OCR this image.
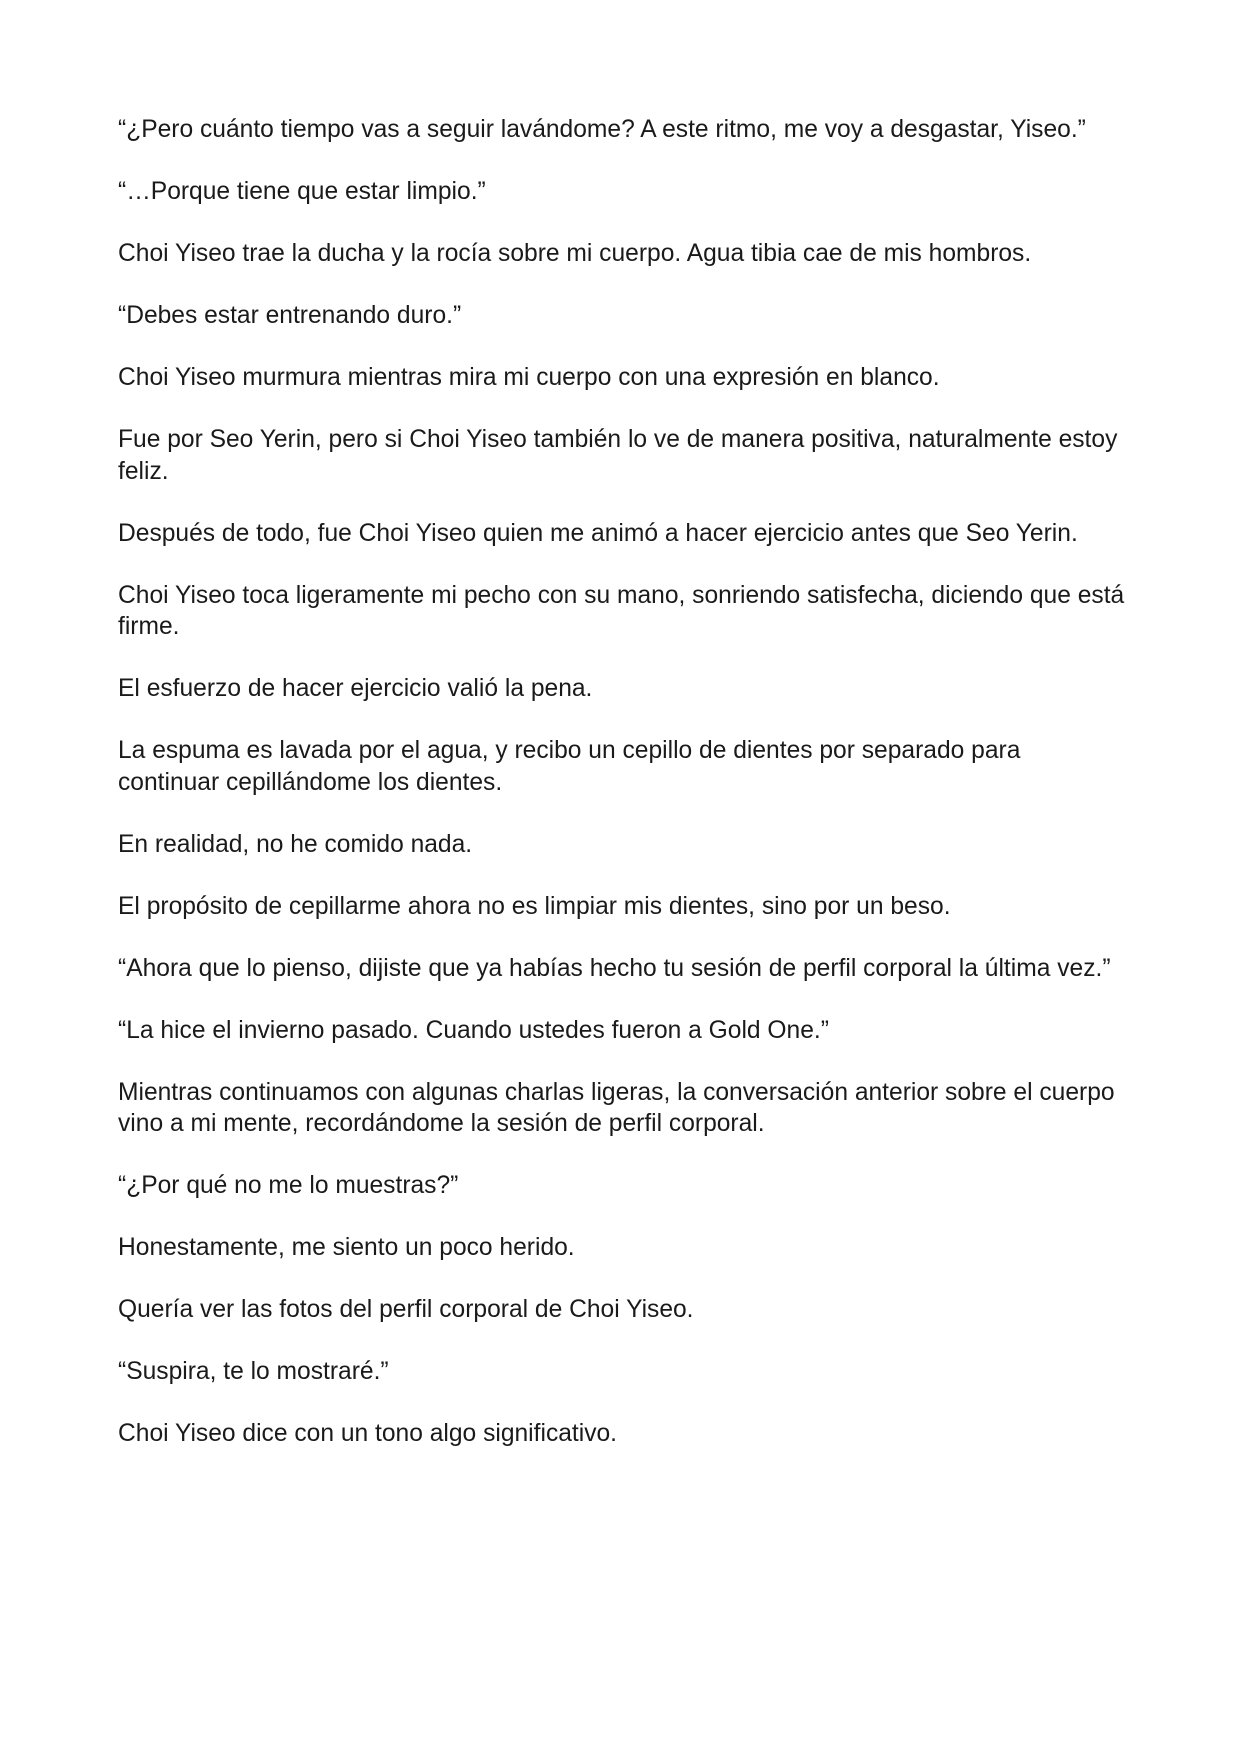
“¿Pero cuánto tiempo vas a seguir lavándome? A este ritmo, me voy a desgastar, Yiseo.”

“…Porque tiene que estar limpio.”

Choi Yiseo trae la ducha y la rocía sobre mi cuerpo. Agua tibia cae de mis hombros.

“Debes estar entrenando duro.”

Choi Yiseo murmura mientras mira mi cuerpo con una expresión en blanco.

Fue por Seo Yerin, pero si Choi Yiseo también lo ve de manera positiva, naturalmente estoy feliz.

Después de todo, fue Choi Yiseo quien me animó a hacer ejercicio antes que Seo Yerin.

Choi Yiseo toca ligeramente mi pecho con su mano, sonriendo satisfecha, diciendo que está firme.

El esfuerzo de hacer ejercicio valió la pena.

La espuma es lavada por el agua, y recibo un cepillo de dientes por separado para continuar cepillándome los dientes.

En realidad, no he comido nada.

El propósito de cepillarme ahora no es limpiar mis dientes, sino por un beso.

“Ahora que lo pienso, dijiste que ya habías hecho tu sesión de perfil corporal la última vez.”

“La hice el invierno pasado. Cuando ustedes fueron a Gold One.”

Mientras continuamos con algunas charlas ligeras, la conversación anterior sobre el cuerpo vino a mi mente, recordándome la sesión de perfil corporal.

“¿Por qué no me lo muestras?”

Honestamente, me siento un poco herido.

Quería ver las fotos del perfil corporal de Choi Yiseo.

“Suspira, te lo mostraré.”

Choi Yiseo dice con un tono algo significativo.
